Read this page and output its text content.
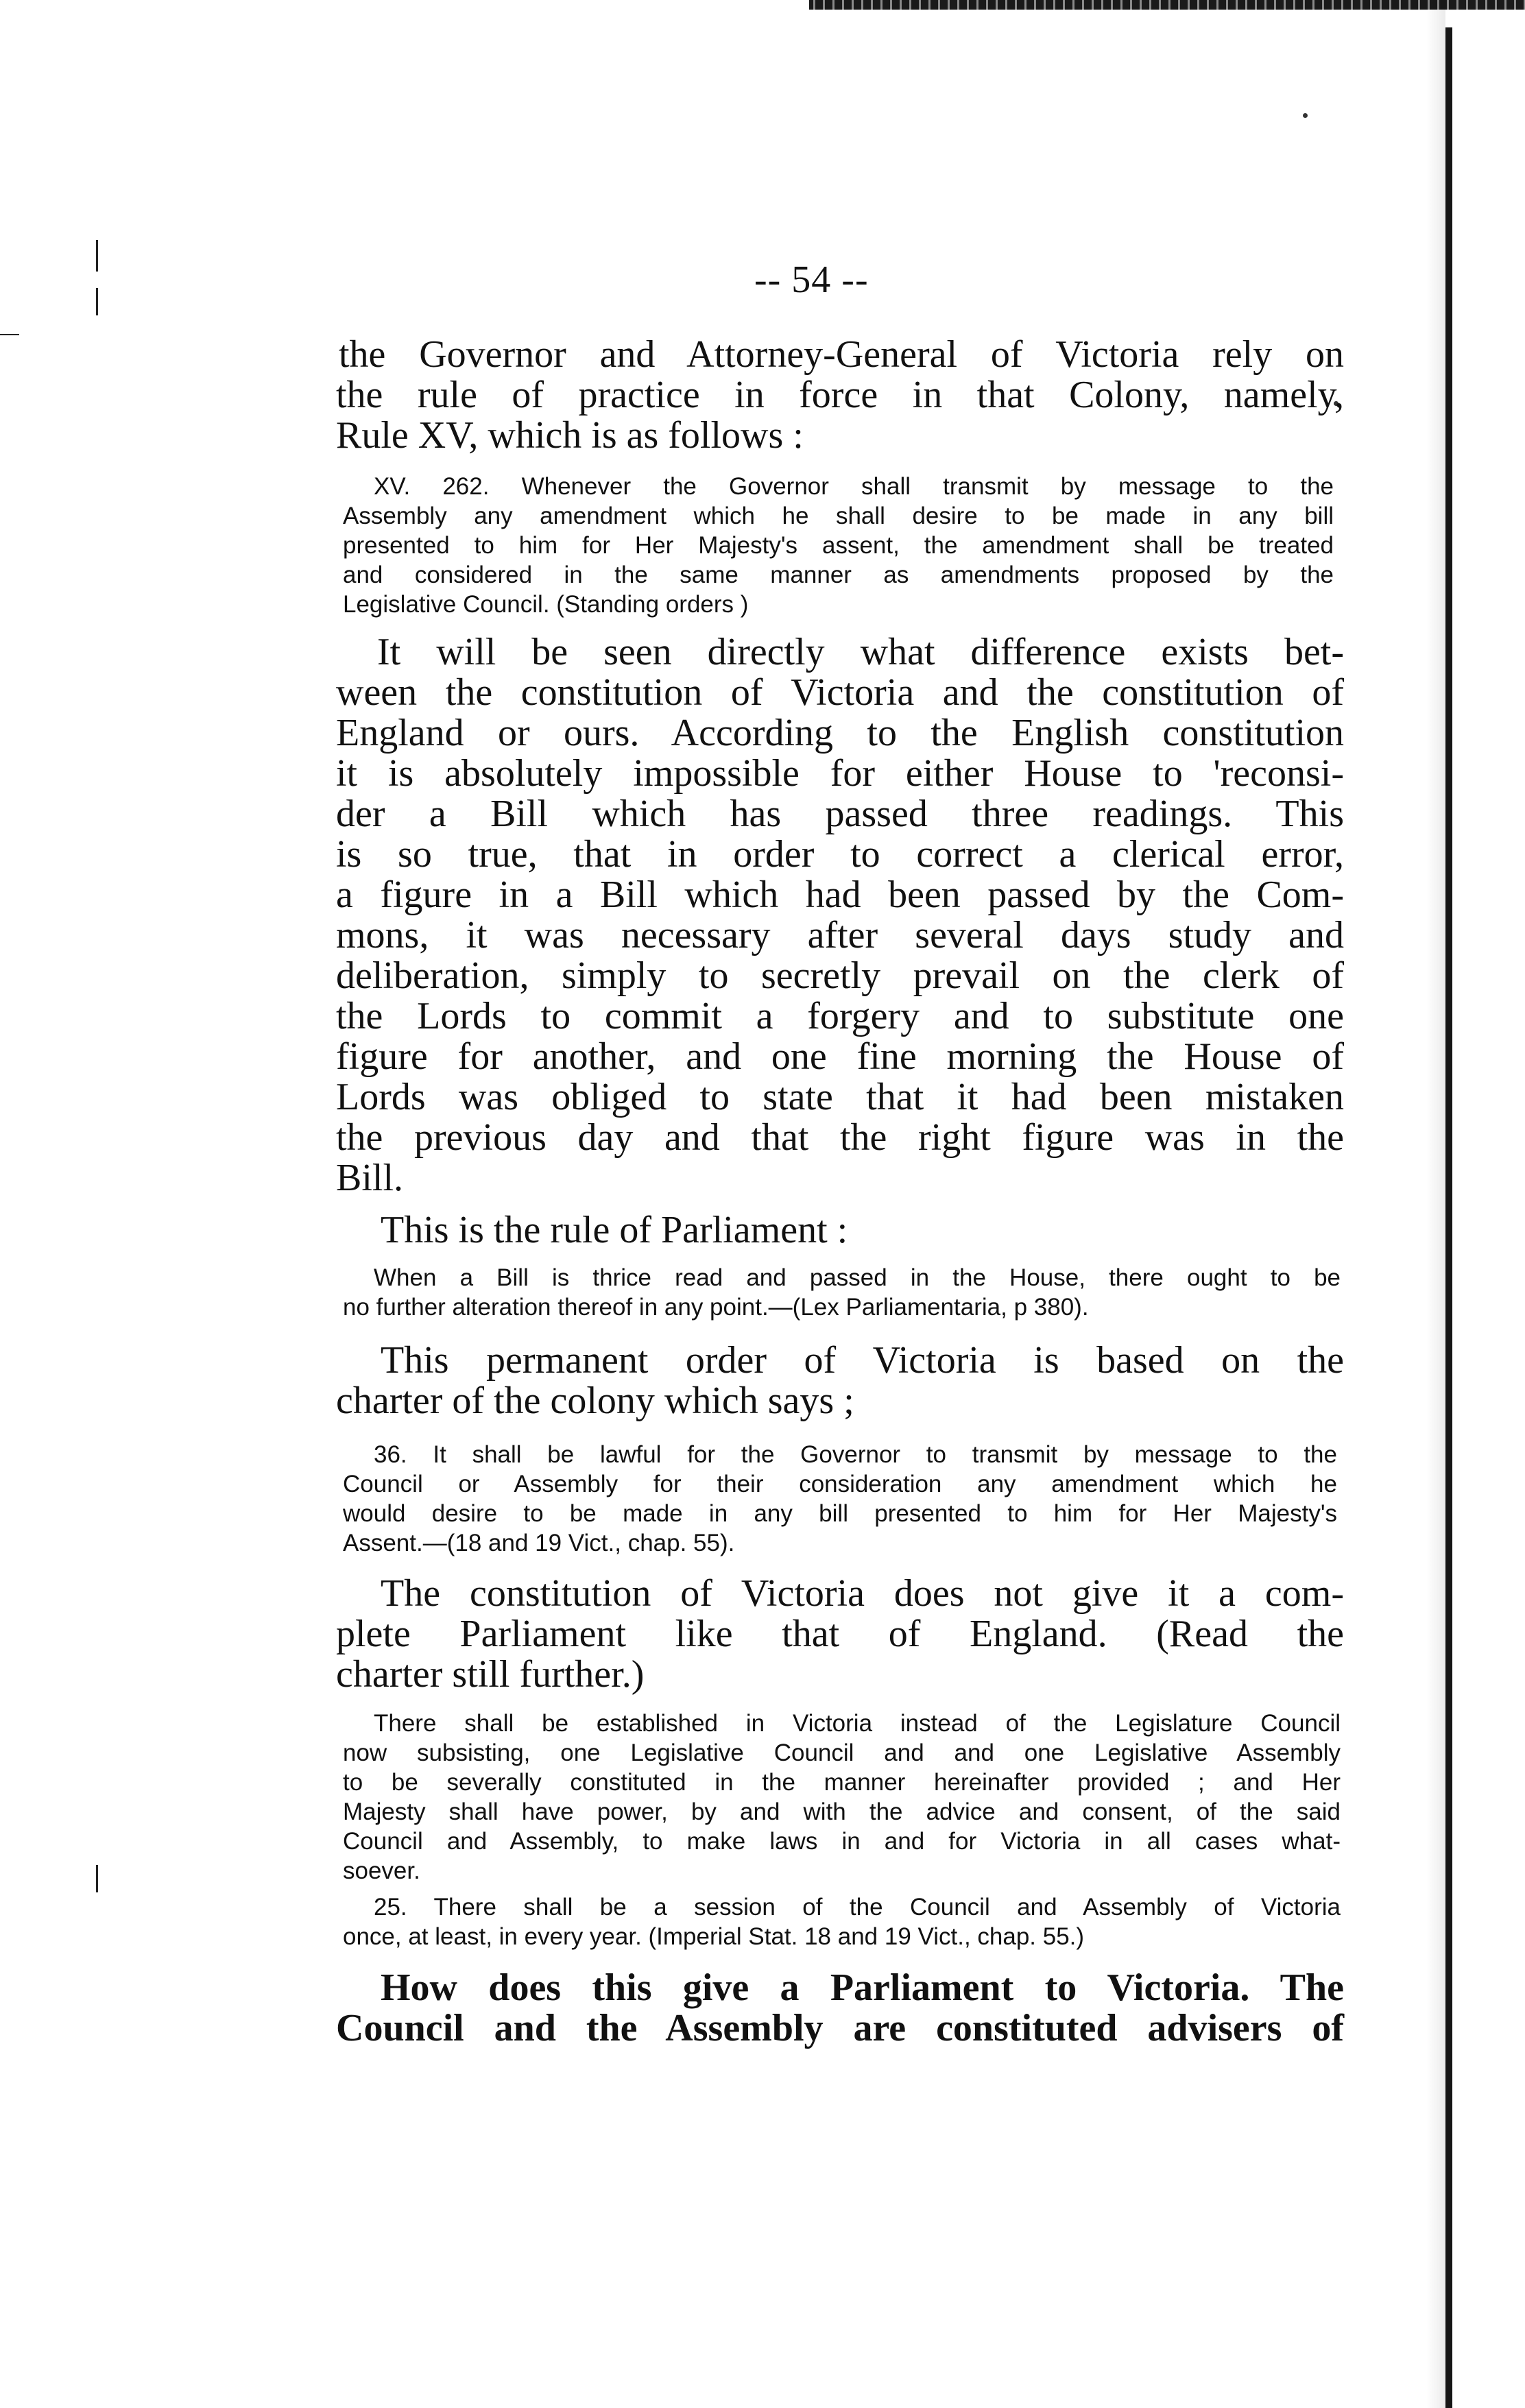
-- 54 --
the Governor and Attorney-General of Victoria rely on
the rule of practice in force in that Colony, namely,
Rule XV, which is as follows :
XV. 262. Whenever the Governor shall transmit by message to the
Assembly any amendment which he shall desire to be made in any bill
presented to him for Her Majesty's assent, the amendment shall be treated
and considered in the same manner as amendments proposed by the
Legislative Council. (Standing orders )
It will be seen directly what difference exists bet-
ween the constitution of Victoria and the constitution of
England or ours. According to the English constitution
it is absolutely impossible for either House to 'reconsi-
der a Bill which has passed three readings. This
is so true, that in order to correct a clerical error,
a figure in a Bill which had been passed by the Com-
mons, it was necessary after several days study and
deliberation, simply to secretly prevail on the clerk of
the Lords to commit a forgery and to substitute one
figure for another, and one fine morning the House of
Lords was obliged to state that it had been mistaken
the previous day and that the right figure was in the
Bill.
This is the rule of Parliament :
When a Bill is thrice read and passed in the House, there ought to be
no further alteration thereof in any point.—(Lex Parliamentaria, p 380).
This permanent order of Victoria is based on the
charter of the colony which says ;
36. It shall be lawful for the Governor to transmit by message to the
Council or Assembly for their consideration any amendment which he
would desire to be made in any bill presented to him for Her Majesty's
Assent.—(18 and 19 Vict., chap. 55).
The constitution of Victoria does not give it a com-
plete Parliament like that of England. (Read the
charter still further.)
There shall be established in Victoria instead of the Legislature Council
now subsisting, one Legislative Council and and one Legislative Assembly
to be severally constituted in the manner hereinafter provided ; and Her
Majesty shall have power, by and with the advice and consent, of the said
Council and Assembly, to make laws in and for Victoria in all cases what-
soever.
25. There shall be a session of the Council and Assembly of Victoria
once, at least, in every year. (Imperial Stat. 18 and 19 Vict., chap. 55.)
How does this give a Parliament to Victoria. The
Council and the Assembly are constituted advisers of
